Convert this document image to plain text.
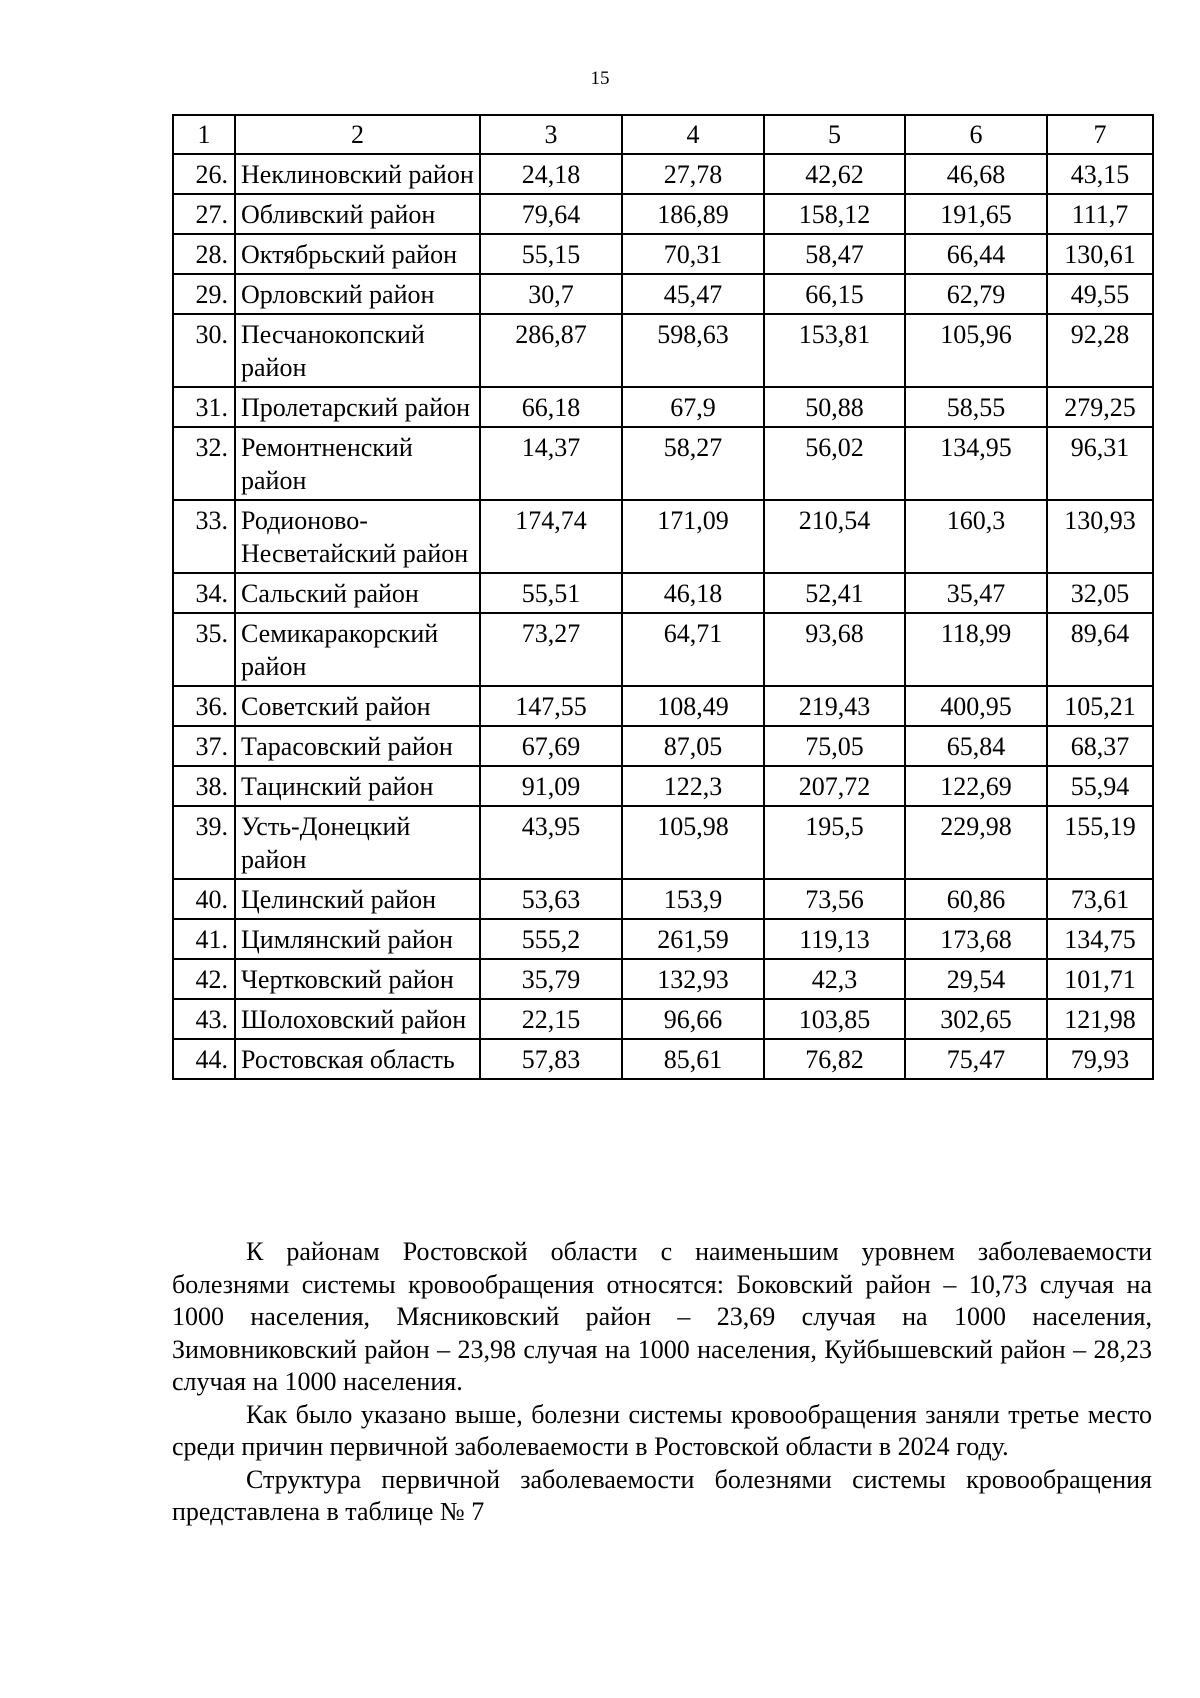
15
1	2	3	4	5	6	7
26.	Неклиновский район	24,18	27,78	42,62	46,68	43,15
27.	Обливский район	79,64	186,89	158,12	191,65	111,7
28.	Октябрьский район	55,15	70,31	58,47	66,44	130,61
29.	Орловский район	30,7	45,47	66,15	62,79	49,55
30.	Песчанокопский район	286,87	598,63	153,81	105,96	92,28
31.	Пролетарский район	66,18	67,9	50,88	58,55	279,25
32.	Ремонтненский район	14,37	58,27	56,02	134,95	96,31
33.	Родионово-Несветайский район	174,74	171,09	210,54	160,3	130,93
34.	Сальский район	55,51	46,18	52,41	35,47	32,05
35.	Семикаракорский район	73,27	64,71	93,68	118,99	89,64
36.	Советский район	147,55	108,49	219,43	400,95	105,21
37.	Тарасовский район	67,69	87,05	75,05	65,84	68,37
38.	Тацинский район	91,09	122,3	207,72	122,69	55,94
39.	Усть-Донецкий район	43,95	105,98	195,5	229,98	155,19
40.	Целинский район	53,63	153,9	73,56	60,86	73,61
41.	Цимлянский район	555,2	261,59	119,13	173,68	134,75
42.	Чертковский район	35,79	132,93	42,3	29,54	101,71
43.	Шолоховский район	22,15	96,66	103,85	302,65	121,98
44.	Ростовская область	57,83	85,61	76,82	75,47	79,93

К районам Ростовской области с наименьшим уровнем заболеваемости болезнями системы кровообращения относятся: Боковский район – 10,73 случая на 1000 населения, Мясниковский район – 23,69 случая на 1000 населения, Зимовниковский район – 23,98 случая на 1000 населения, Куйбышевский район – 28,23 случая на 1000 населения.

Как было указано выше, болезни системы кровообращения заняли третье место среди причин первичной заболеваемости в Ростовской области в 2024 году.

Структура первичной заболеваемости болезнями системы кровообращения представлена в таблице № 7
